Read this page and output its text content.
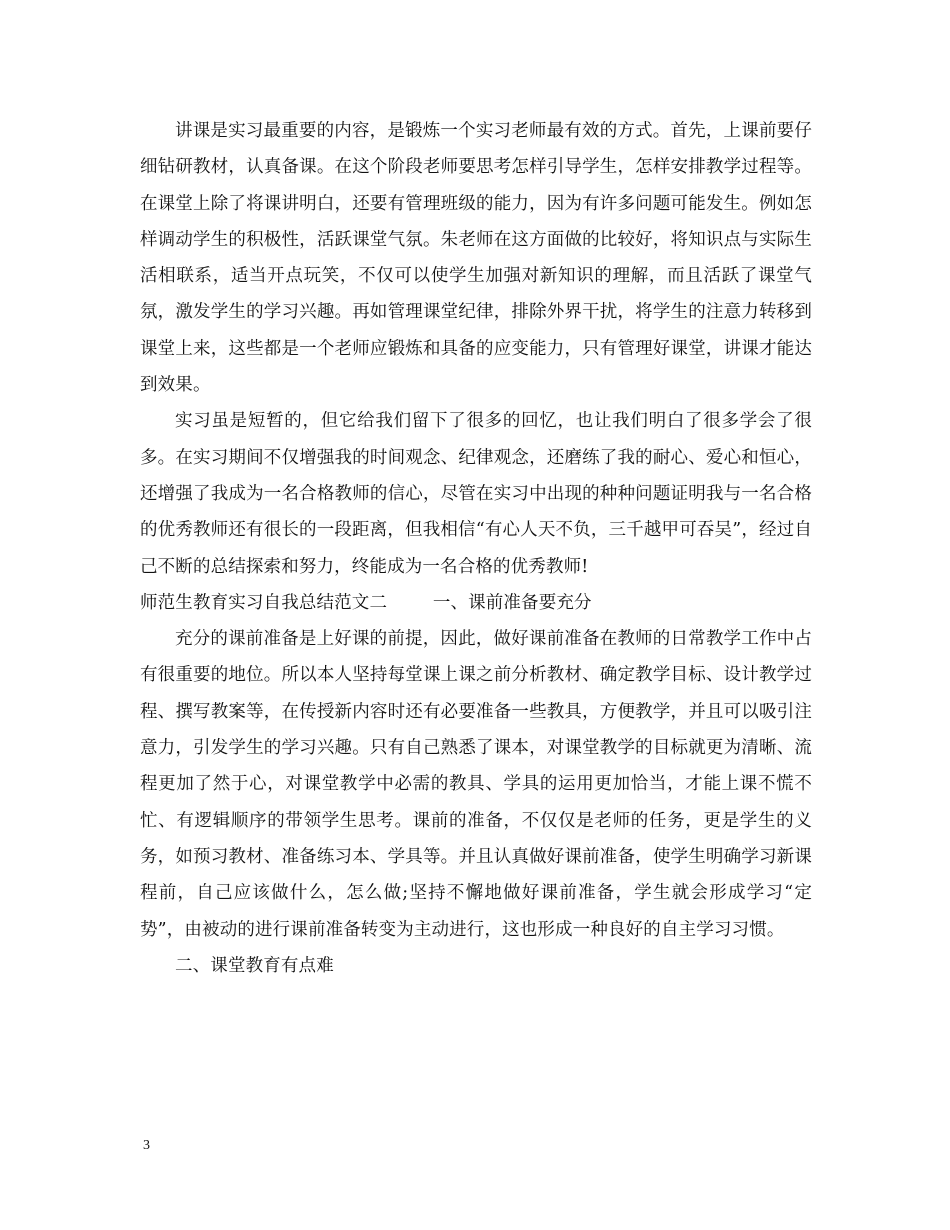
讲课是实习最重要的内容，是锻炼一个实习老师最有效的方式。首先，上课前要仔细钻研教材，认真备课。在这个阶段老师要思考怎样引导学生，怎样安排教学过程等。在课堂上除了将课讲明白，还要有管理班级的能力，因为有许多问题可能发生。例如怎样调动学生的积极性，活跃课堂气氛。朱老师在这方面做的比较好，将知识点与实际生活相联系，适当开点玩笑，不仅可以使学生加强对新知识的理解，而且活跃了课堂气氛，激发学生的学习兴趣。再如管理课堂纪律，排除外界干扰，将学生的注意力转移到课堂上来，这些都是一个老师应锻炼和具备的应变能力，只有管理好课堂，讲课才能达到效果。

实习虽是短暂的，但它给我们留下了很多的回忆，也让我们明白了很多学会了很多。在实习期间不仅增强我的时间观念、纪律观念，还磨练了我的耐心、爱心和恒心，还增强了我成为一名合格教师的信心，尽管在实习中出现的种种问题证明我与一名合格的优秀教师还有很长的一段距离，但我相信“有心人天不负，三千越甲可吞吴”，经过自己不断的总结探索和努力，终能成为一名合格的优秀教师!

师范生教育实习自我总结范文二	一、课前准备要充分

充分的课前准备是上好课的前提，因此，做好课前准备在教师的日常教学工作中占有很重要的地位。所以本人坚持每堂课上课之前分析教材、确定教学目标、设计教学过程、撰写教案等，在传授新内容时还有必要准备一些教具，方便教学，并且可以吸引注意力，引发学生的学习兴趣。只有自己熟悉了课本，对课堂教学的目标就更为清晰、流程更加了然于心，对课堂教学中必需的教具、学具的运用更加恰当，才能上课不慌不忙、有逻辑顺序的带领学生思考。课前的准备，不仅仅是老师的任务，更是学生的义务，如预习教材、准备练习本、学具等。并且认真做好课前准备，使学生明确学习新课程前，自己应该做什么，怎么做;坚持不懈地做好课前准备，学生就会形成学习“定势”，由被动的进行课前准备转变为主动进行，这也形成一种良好的自主学习习惯。

二、课堂教育有点难

3
